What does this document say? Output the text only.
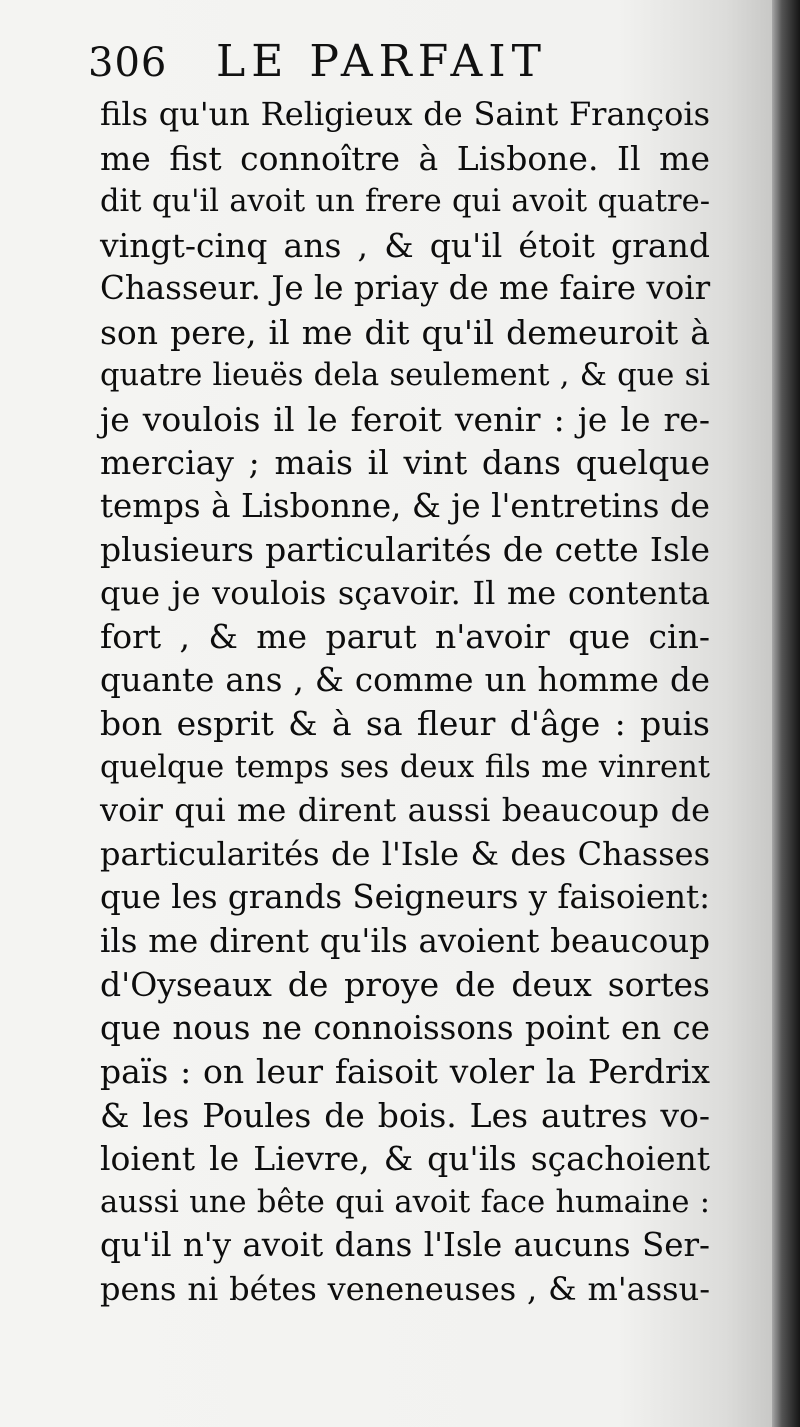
306 LE PARFAIT
fils qu'un Religieux de Saint François
me fist connoître à Lisbone. Il me
dit qu'il avoit un frere qui avoit quatre-
vingt-cinq ans , & qu'il étoit grand
Chasseur. Je le priay de me faire voir
son pere, il me dit qu'il demeuroit à
quatre lieuës dela seulement , & que si
je voulois il le feroit venir : je le re-
merciay ; mais il vint dans quelque
temps à Lisbonne, & je l'entretins de
plusieurs particularités de cette Isle
que je voulois sçavoir. Il me contenta
fort , & me parut n'avoir que cin-
quante ans , & comme un homme de
bon esprit & à sa fleur d'âge : puis
quelque temps ses deux fils me vinrent
voir qui me dirent aussi beaucoup de
particularités de l'Isle & des Chasses
que les grands Seigneurs y faisoient:
ils me dirent qu'ils avoient beaucoup
d'Oyseaux de proye de deux sortes
que nous ne connoissons point en ce
païs : on leur faisoit voler la Perdrix
& les Poules de bois. Les autres vo-
loient le Lievre, & qu'ils sçachoient
aussi une bête qui avoit face humaine :
qu'il n'y avoit dans l'Isle aucuns Ser-
pens ni bétes veneneuses , & m'assu-
